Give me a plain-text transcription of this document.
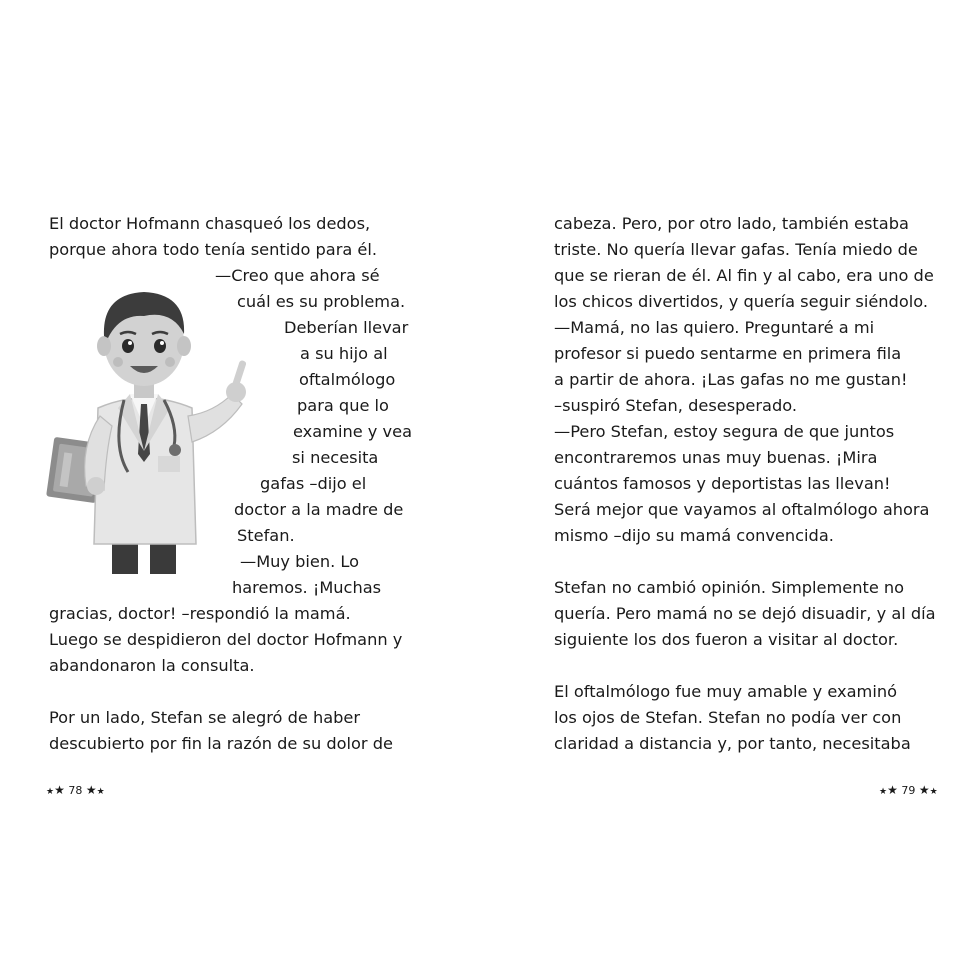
El doctor Hofmann chasqueó los dedos,
porque ahora todo tenía sentido para él.
—Creo que ahora sé
cuál es su problema.
Deberían llevar
a su hijo al
oftalmólogo
para que lo
examine y vea
si necesita
gafas –dijo el
doctor a la madre de
Stefan.
—Muy bien. Lo
haremos. ¡Muchas
gracias, doctor! –respondió la mamá.
Luego se despidieron del doctor Hofmann y
abandonaron la consulta.
Por un lado, Stefan se alegró de haber
descubierto por fin la razón de su dolor de
★★ 78 ★★
cabeza. Pero, por otro lado, también estaba
triste. No quería llevar gafas. Tenía miedo de
que se rieran de él. Al fin y al cabo, era uno de
los chicos divertidos, y quería seguir siéndolo.
—Mamá, no las quiero. Preguntaré a mi
profesor si puedo sentarme en primera fila
a partir de ahora. ¡Las gafas no me gustan!
–suspiró Stefan, desesperado.
—Pero Stefan, estoy segura de que juntos
encontraremos unas muy buenas. ¡Mira
cuántos famosos y deportistas las llevan!
Será mejor que vayamos al oftalmólogo ahora
mismo –dijo su mamá convencida.
Stefan no cambió opinión. Simplemente no
quería. Pero mamá no se dejó disuadir, y al día
siguiente los dos fueron a visitar al doctor.
El oftalmólogo fue muy amable y examinó
los ojos de Stefan. Stefan no podía ver con
claridad a distancia y, por tanto, necesitaba
★★ 79 ★★
